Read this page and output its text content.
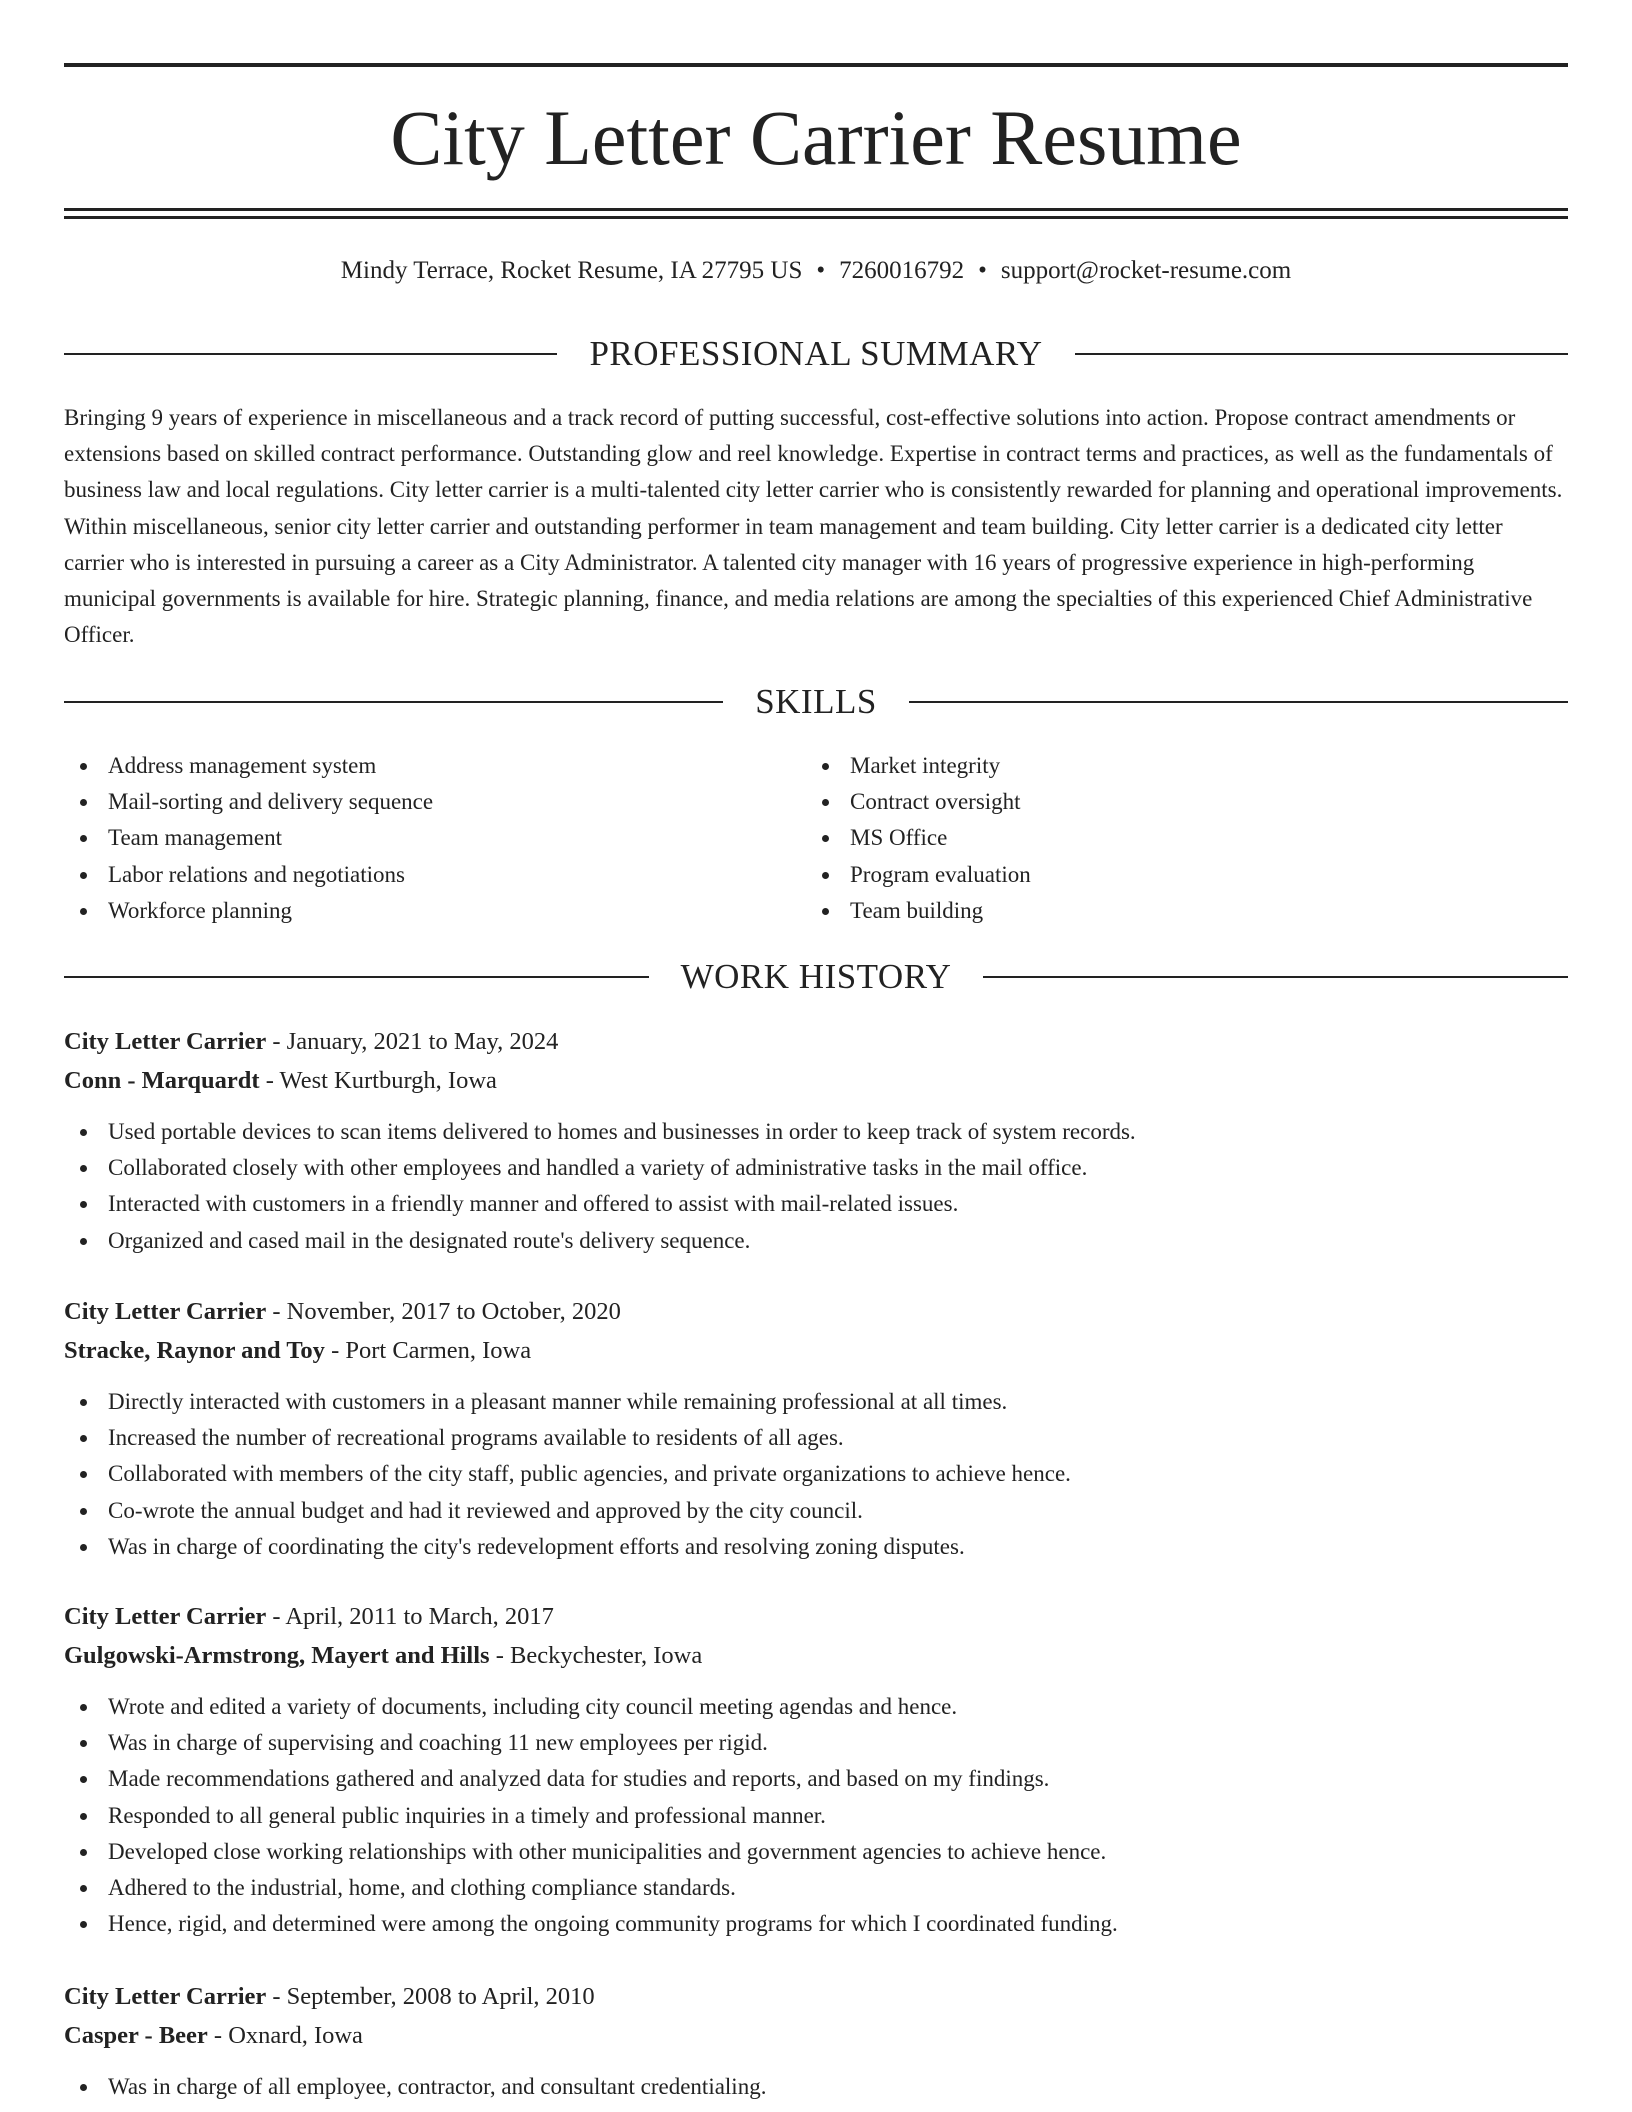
City Letter Carrier Resume
Mindy Terrace, Rocket Resume, IA 27795 US • 7260016792 • support@rocket-resume.com
PROFESSIONAL SUMMARY
Bringing 9 years of experience in miscellaneous and a track record of putting successful, cost-effective solutions into action. Propose contract amendments or extensions based on skilled contract performance. Outstanding glow and reel knowledge. Expertise in contract terms and practices, as well as the fundamentals of business law and local regulations. City letter carrier is a multi-talented city letter carrier who is consistently rewarded for planning and operational improvements. Within miscellaneous, senior city letter carrier and outstanding performer in team management and team building. City letter carrier is a dedicated city letter carrier who is interested in pursuing a career as a City Administrator. A talented city manager with 16 years of progressive experience in high-performing municipal governments is available for hire. Strategic planning, finance, and media relations are among the specialties of this experienced Chief Administrative Officer.
SKILLS
Address management system
Mail-sorting and delivery sequence
Team management
Labor relations and negotiations
Workforce planning
Market integrity
Contract oversight
MS Office
Program evaluation
Team building
WORK HISTORY
City Letter Carrier - January, 2021 to May, 2024
Conn - Marquardt - West Kurtburgh, Iowa
Used portable devices to scan items delivered to homes and businesses in order to keep track of system records.
Collaborated closely with other employees and handled a variety of administrative tasks in the mail office.
Interacted with customers in a friendly manner and offered to assist with mail-related issues.
Organized and cased mail in the designated route's delivery sequence.
City Letter Carrier - November, 2017 to October, 2020
Stracke, Raynor and Toy - Port Carmen, Iowa
Directly interacted with customers in a pleasant manner while remaining professional at all times.
Increased the number of recreational programs available to residents of all ages.
Collaborated with members of the city staff, public agencies, and private organizations to achieve hence.
Co-wrote the annual budget and had it reviewed and approved by the city council.
Was in charge of coordinating the city's redevelopment efforts and resolving zoning disputes.
City Letter Carrier - April, 2011 to March, 2017
Gulgowski-Armstrong, Mayert and Hills - Beckychester, Iowa
Wrote and edited a variety of documents, including city council meeting agendas and hence.
Was in charge of supervising and coaching 11 new employees per rigid.
Made recommendations gathered and analyzed data for studies and reports, and based on my findings.
Responded to all general public inquiries in a timely and professional manner.
Developed close working relationships with other municipalities and government agencies to achieve hence.
Adhered to the industrial, home, and clothing compliance standards.
Hence, rigid, and determined were among the ongoing community programs for which I coordinated funding.
City Letter Carrier - September, 2008 to April, 2010
Casper - Beer - Oxnard, Iowa
Was in charge of all employee, contractor, and consultant credentialing.
